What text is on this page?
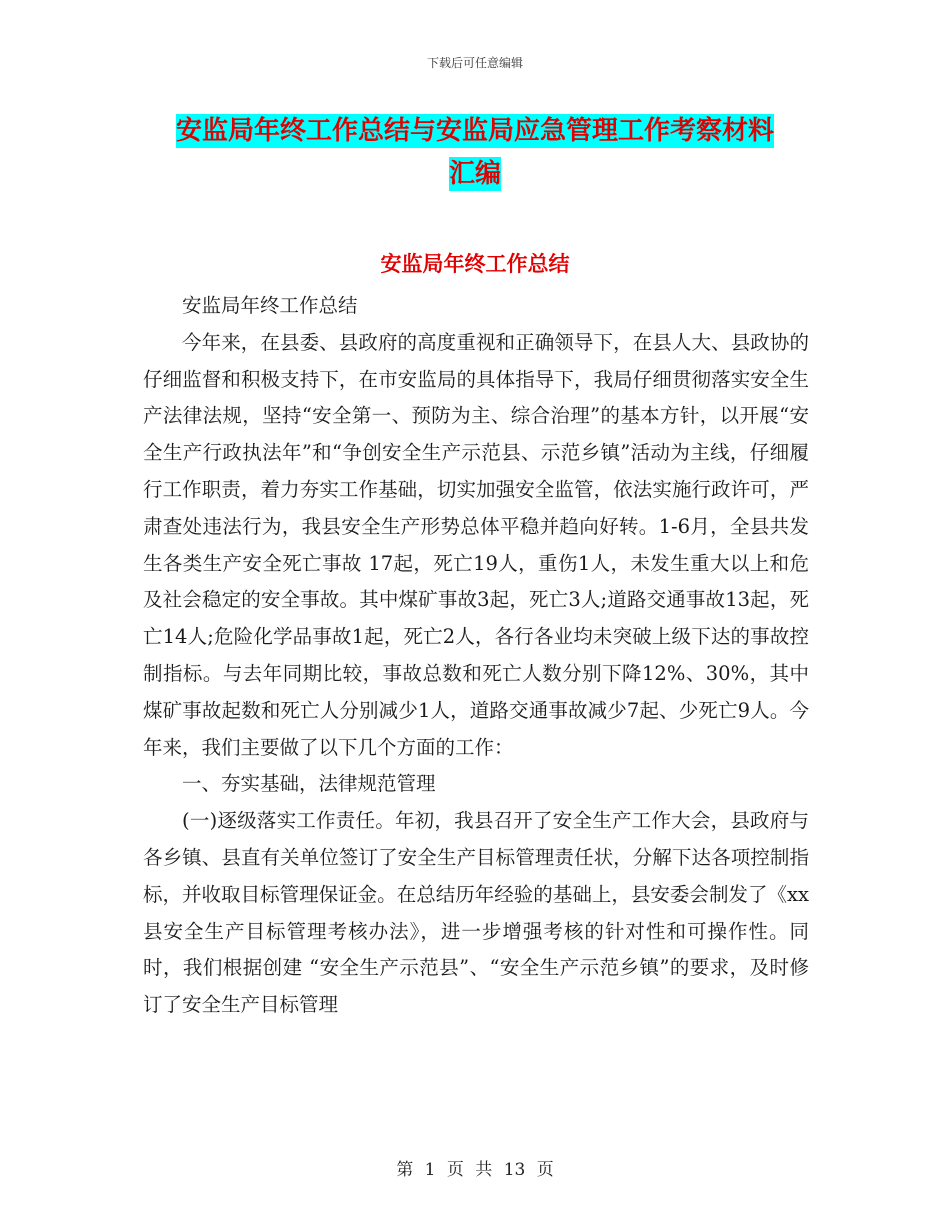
下载后可任意编辑
安监局年终工作总结与安监局应急管理工作考察材料
汇编
安监局年终工作总结

安监局年终工作总结

今年来，在县委、县政府的高度重视和正确领导下，在县人大、县政协的仔细监督和积极支持下，在市安监局的具体指导下，我局仔细贯彻落实安全生产法律法规，坚持“安全第一、预防为主、综合治理”的基本方针，以开展“安全生产行政执法年”和“争创安全生产示范县、示范乡镇”活动为主线，仔细履行工作职责，着力夯实工作基础，切实加强安全监管，依法实施行政许可，严肃查处违法行为，我县安全生产形势总体平稳并趋向好转。1-6月，全县共发生各类生产安全死亡事故 17起，死亡19人，重伤1人，未发生重大以上和危及社会稳定的安全事故。其中煤矿事故3起，死亡3人;道路交通事故13起，死亡14人;危险化学品事故1起，死亡2人，各行各业均未突破上级下达的事故控制指标。与去年同期比较，事故总数和死亡人数分别下降12%、30%，其中煤矿事故起数和死亡人分别减少1人，道路交通事故减少7起、少死亡9人。今年来，我们主要做了以下几个方面的工作：

一、夯实基础，法律规范管理

(一)逐级落实工作责任。年初，我县召开了安全生产工作大会，县政府与各乡镇、县直有关单位签订了安全生产目标管理责任状，分解下达各项控制指标，并收取目标管理保证金。在总结历年经验的基础上，县安委会制发了《xx县安全生产目标管理考核办法》，进一步增强考核的针对性和可操作性。同时，我们根据创建 “安全生产示范县”、“安全生产示范乡镇”的要求，及时修订了安全生产目标管理

第 1 页 共 13 页
